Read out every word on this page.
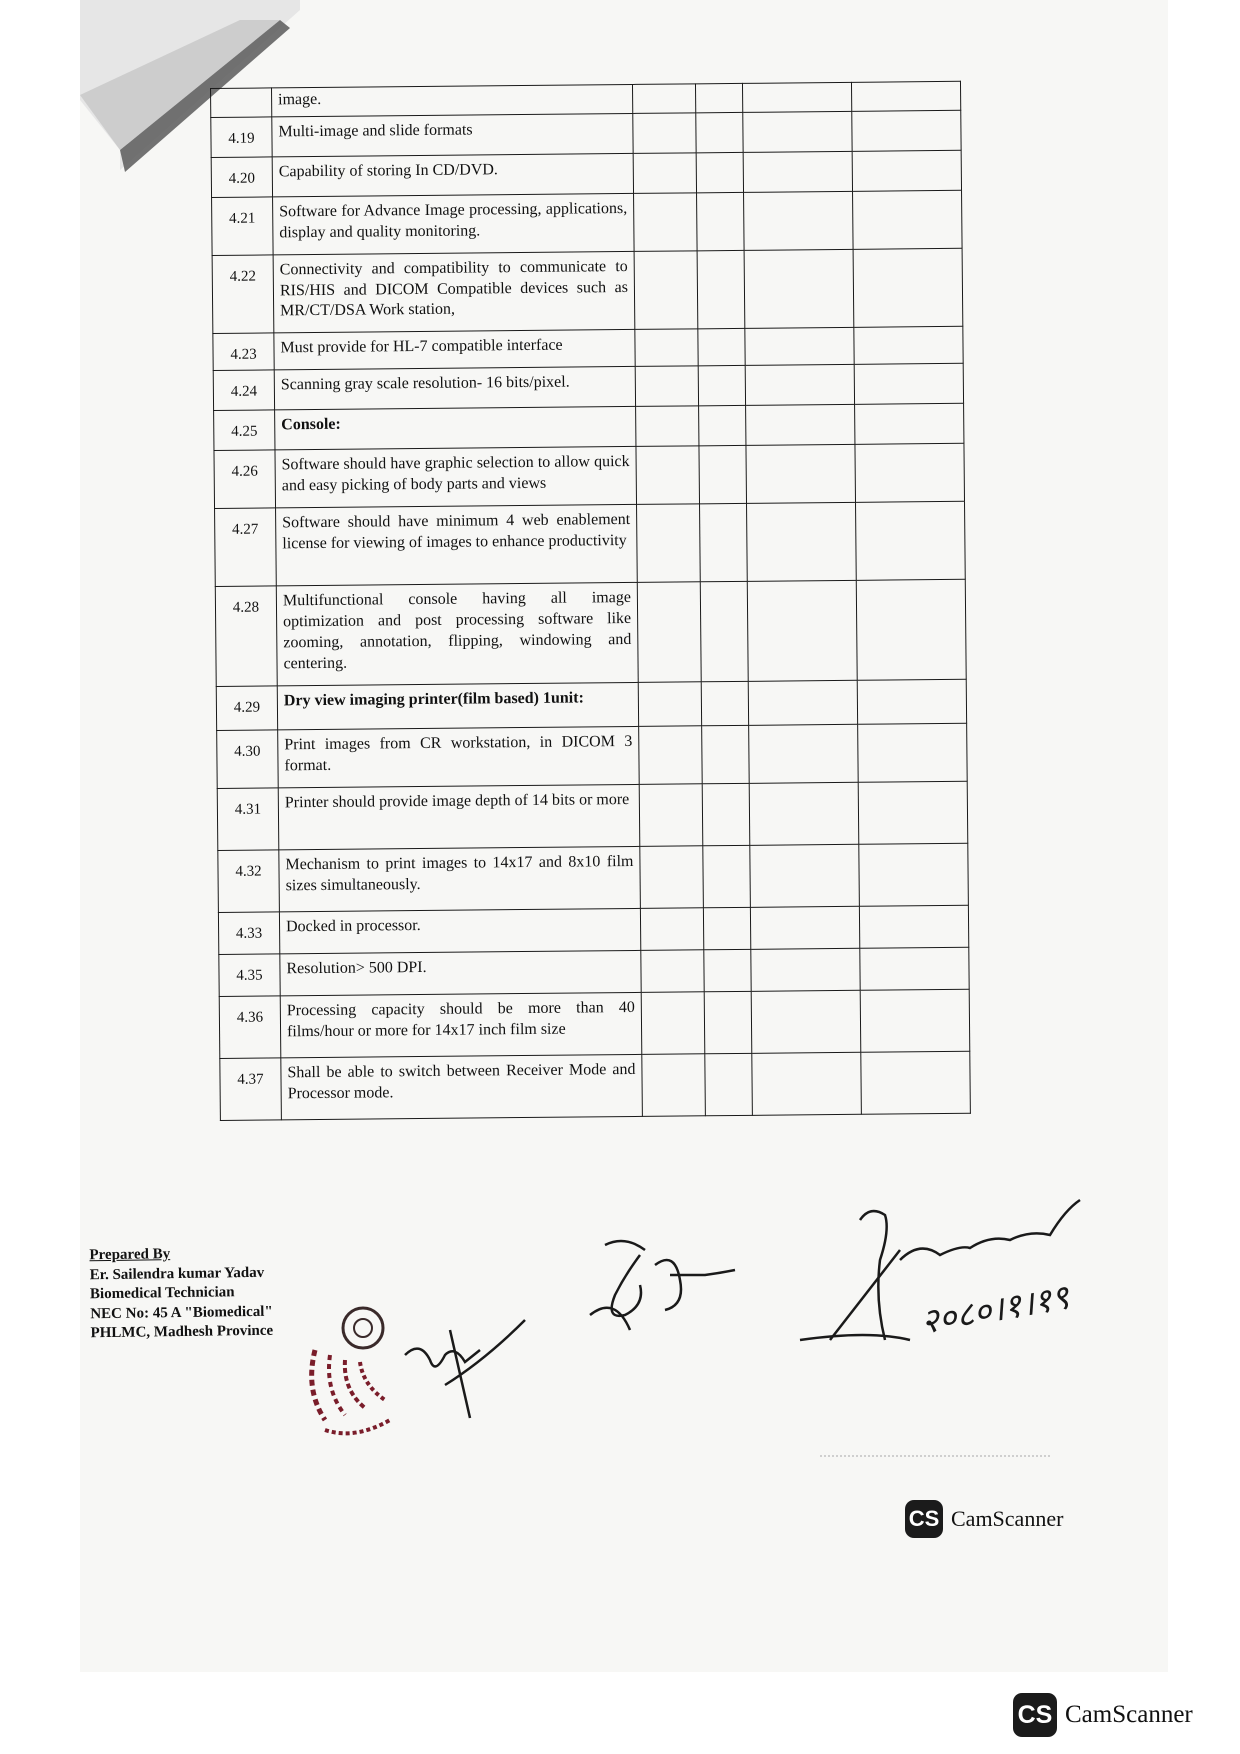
	image.				
4.19	Multi-image and slide formats				
4.20	Capability of storing In CD/DVD.				
4.21	Software for Advance Image processing, applications, display and quality monitoring.				
4.22	Connectivity and compatibility to communicate to RIS/HIS and DICOM Compatible devices such as MR/CT/DSA Work station,				
4.23	Must provide for HL-7 compatible interface				
4.24	Scanning gray scale resolution- 16 bits/pixel.				
4.25	Console:				
4.26	Software should have graphic selection to allow quick and easy picking of body parts and views				
4.27	Software should have minimum 4 web enablement license for viewing of images to enhance productivity				
4.28	Multifunctional console having all image optimization and post processing software like zooming, annotation, flipping, windowing and centering.				
4.29	Dry view imaging printer(film based) 1unit:				
4.30	Print images from CR workstation, in DICOM 3 format.				
4.31	Printer should provide image depth of 14 bits or more				
4.32	Mechanism to print images to 14x17 and 8x10 film sizes simultaneously.				
4.33	Docked in processor.				
4.35	Resolution> 500 DPI.				
4.36	Processing capacity should be more than 40 films/hour or more for 14x17 inch film size				
4.37	Shall be able to switch between Receiver Mode and Processor mode.				
Prepared By
Er. Sailendra kumar Yadav
Biomedical Technician
NEC No: 45 A "Biomedical"
PHLMC, Madhesh Province	२०८०।१।१९
CS CamScanner
CS CamScanner
